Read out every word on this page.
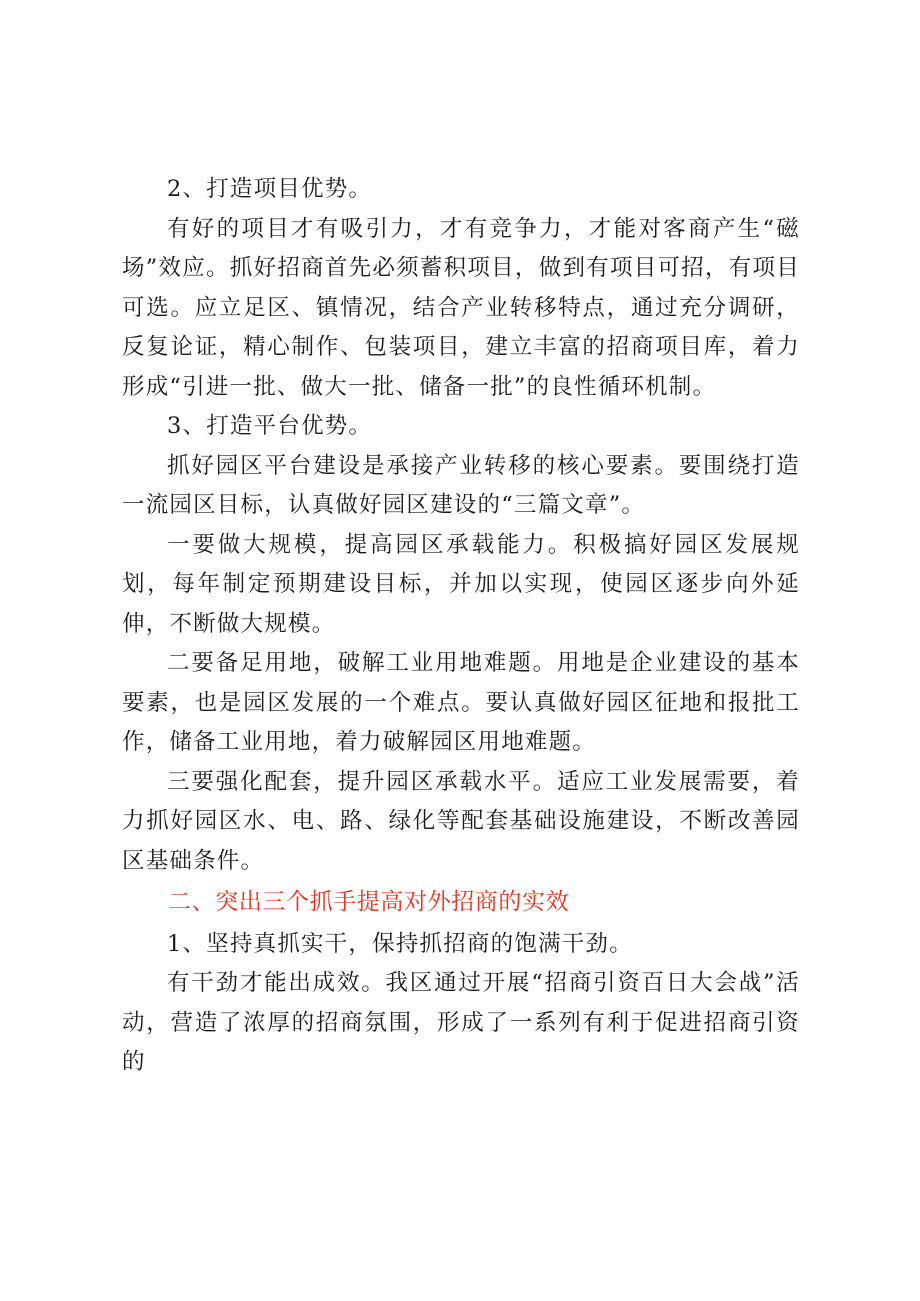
2、打造项目优势。

有好的项目才有吸引力，才有竞争力，才能对客商产生“磁场”效应。抓好招商首先必须蓄积项目，做到有项目可招，有项目可选。应立足区、镇情况，结合产业转移特点，通过充分调研，反复论证，精心制作、包装项目，建立丰富的招商项目库，着力形成“引进一批、做大一批、储备一批”的良性循环机制。

3、打造平台优势。

抓好园区平台建设是承接产业转移的核心要素。要围绕打造一流园区目标，认真做好园区建设的“三篇文章”。

一要做大规模，提高园区承载能力。积极搞好园区发展规划，每年制定预期建设目标，并加以实现，使园区逐步向外延伸，不断做大规模。

二要备足用地，破解工业用地难题。用地是企业建设的基本要素，也是园区发展的一个难点。要认真做好园区征地和报批工作，储备工业用地，着力破解园区用地难题。

三要强化配套，提升园区承载水平。适应工业发展需要，着力抓好园区水、电、路、绿化等配套基础设施建设，不断改善园区基础条件。

二、突出三个抓手提高对外招商的实效

1、坚持真抓实干，保持抓招商的饱满干劲。

有干劲才能出成效。我区通过开展“招商引资百日大会战”活动，营造了浓厚的招商氛围，形成了一系列有利于促进招商引资的
